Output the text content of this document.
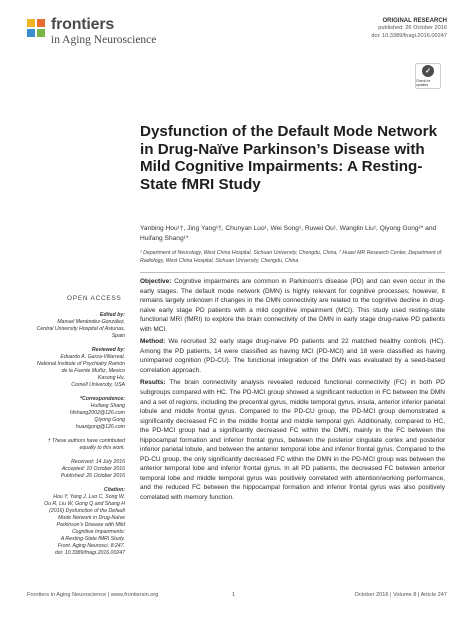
frontiers
in Aging Neuroscience
ORIGINAL RESEARCH
published: 26 October 2016
doi: 10.3389/fnagi.2016.00247
✓
Check for updates
Dysfunction of the Default Mode Network in Drug-Naïve Parkinson’s Disease with Mild Cognitive Impairments: A Resting-State fMRI Study
Yanbing Hou¹†, Jing Yang¹†, Chunyan Luo¹, Wei Song¹, Ruwei Ou¹, Wanglin Liu¹, Qiyong Gong²* and Huifang Shang¹*
¹ Department of Neurology, West China Hospital, Sichuan University, Chengdu, China, ² Huaxi MR Research Center, Department of Radiology, West China Hospital, Sichuan University, Chengdu, China
OPEN ACCESS
Edited by:
Manuel Menéndez-González,
Central University Hospital of Asturias,
Spain
Reviewed by:
Eduardo A. Garza-Villarreal,
National Institute of Psychiatry Ramón
de la Fuente Muñiz, Mexico
Kasong Hu,
Cornell University, USA
*Correspondence:
Huifang Shang
hfshang2002@126.com
Qiyong Gong
huaxigong@126.com
† These authors have contributed
equally to this work.
Received: 14 July 2016
Accepted: 10 October 2016
Published: 26 October 2016
Citation:
Hou Y, Yang J, Luo C, Song W,
Ou R, Liu W, Gong Q and Shang H
(2016) Dysfunction of the Default
Mode Network in Drug-Naïve
Parkinson’s Disease with Mild
Cognitive Impairments:
A Resting-State fMRI Study.
Front. Aging Neurosci. 8:247.
doi: 10.3389/fnagi.2016.00247

Objective: Cognitive impairments are common in Parkinson’s disease (PD) and can even occur in the early stages. The default mode network (DMN) is highly relevant for cognitive processes; however, it remains largely unknown if changes in the DMN connectivity are related to the cognitive decline in drug-naive early stage PD patients with a mild cognitive impairment (MCI). This study used resting-state functional MRI (fMRI) to explore the brain connectivity of the DMN in early stage drug-naive PD patients with MCI.

Method: We recruited 32 early stage drug-naive PD patients and 22 matched healthy controls (HC). Among the PD patients, 14 were classified as having MCI (PD-MCI) and 18 were classified as having unimpaired cognition (PD-CU). The functional integration of the DMN was evaluated by a seed-based correlation approach.

Results: The brain connectivity analysis revealed reduced functional connectivity (FC) in both PD subgroups compared with HC. The PD-MCI group showed a significant reduction in FC between the DMN and a set of regions, including the precentral gyrus, middle temporal gyrus, insula, anterior inferior parietal lobule and middle frontal gyrus. Compared to the PD-CU group, the PD-MCI group demonstrated a significantly decreased FC in the middle frontal and middle temporal gyri. Additionally, compared to HC, the PD-MCI group had a significantly decreased FC within the DMN, mainly in the FC between the hippocampal formation and inferior frontal gyrus, between the posterior cingulate cortex and posterior inferior parietal lobule, and between the anterior temporal lobe and inferior frontal gyrus. Compared to the PD-CU group, the only significantly decreased FC within the DMN in the PD-MCI group was between the anterior temporal lobe and inferior frontal gyrus. In all PD patients, the decreased FC between anterior temporal lobe and middle temporal gyrus was positively correlated with attention/working performance, and the reduced FC between the hippocampal formation and inferior frontal gyrus was also positively correlated with memory function.

Frontiers in Aging Neuroscience | www.frontiersin.org	1	October 2016 | Volume 8 | Article 247
